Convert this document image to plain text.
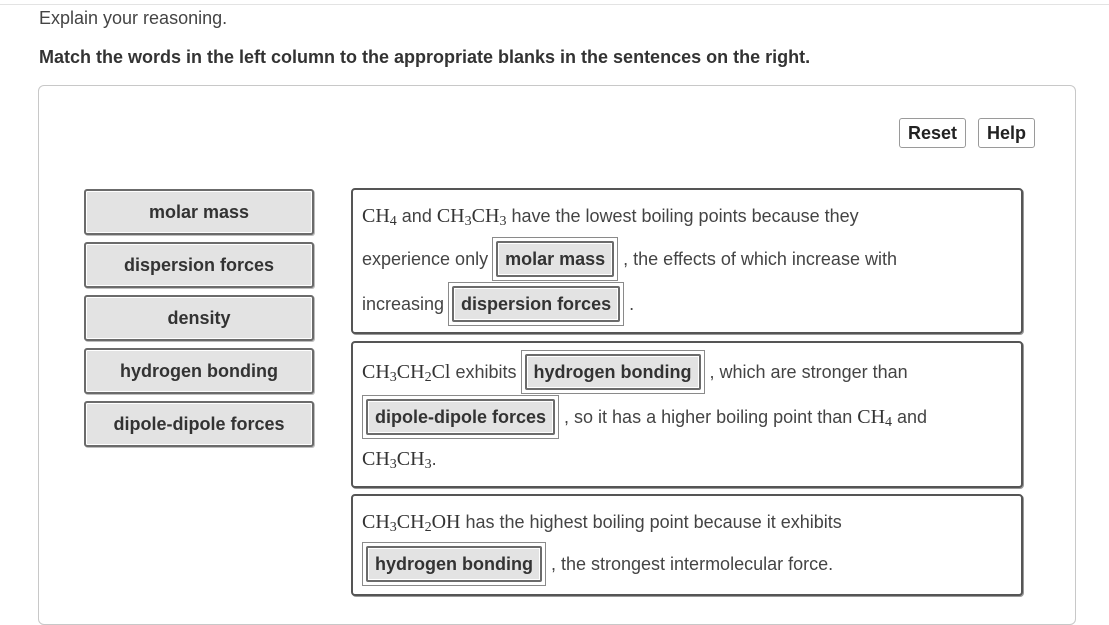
Explain your reasoning.
Match the words in the left column to the appropriate blanks in the sentences on the right.
Reset	Help
molar mass
dispersion forces
density
hydrogen bonding
dipole-dipole forces
$CH_4$ and $CH_3CH_3$ have the lowest boiling points because they
experience only molar mass	, the effects of which increase with
increasing dispersion forces	.
$CH_3CH_2Cl$ exhibits hydrogen bonding	, which are stronger than
dipole-dipole forces	, so it has a higher boiling point than $CH_4$ and
$CH_3CH_3$ .
$CH_3CH_2OH$ has the highest boiling point because it exhibits
hydrogen bonding	, the strongest intermolecular force.
